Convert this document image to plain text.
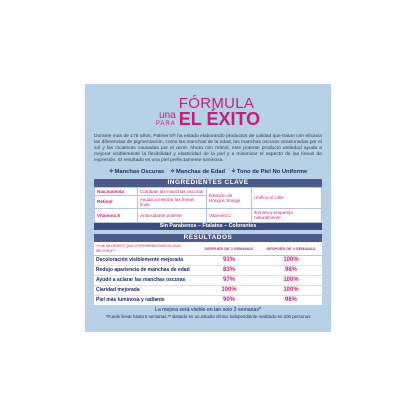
una
PARA
FÓRMULA
EL ÉXITO
Durante más de 175 años, Palmer's® ha estado elaborando productos de calidad que tratan con eficacia las diferencias de pigmentación, como las manchas de la edad, las manchas oscuras ocasionadas por el sol y las cicatrices causadas por el acné. Ahora con retinol, este potente producto antiedad ayuda a mejorar visiblemente la flexibilidad y elasticidad de la piel y a minimizar el aspecto de las líneas de expresión. El resultado es una piel perfectamente luminosa.
✧Manchas Oscuras ✧Manchas de Edad ✧Tono de Piel No Uniforme
INGREDIENTES CLAVE
Niacinamida	Combate las manchas oscuras	Extracto de Hongos Songyi	Unifica el cutis
Retinol	Ayuda a mejorar las líneas finas		
Vitamina E	Antioxidante potente	Vitamina C	Ilumina y empareja naturalmente
Sin Parabenos – Ftalatos – Colorantes
RESULTADOS
% de MUJERES QUE EXPERIMENTARON UNA MEJORA**	DESPUÉS DE 2 SEMANAS	DESPUÉS DE 4 SEMANAS
Decoloración visiblemente mejorada	91%	100%
Redujo apariencia de manchas de edad	83%	98%
Ayudó a aclarar las manchas oscuras	97%	100%
Claridad mejorada	100%	100%
Piel más luminosa y radiante	90%	98%
La mejora será visible en tan solo 2 semanas*
*Puede llevar hasta 6 semanas.** Basado en un estudio clínico independiente realizado en 200 personas
